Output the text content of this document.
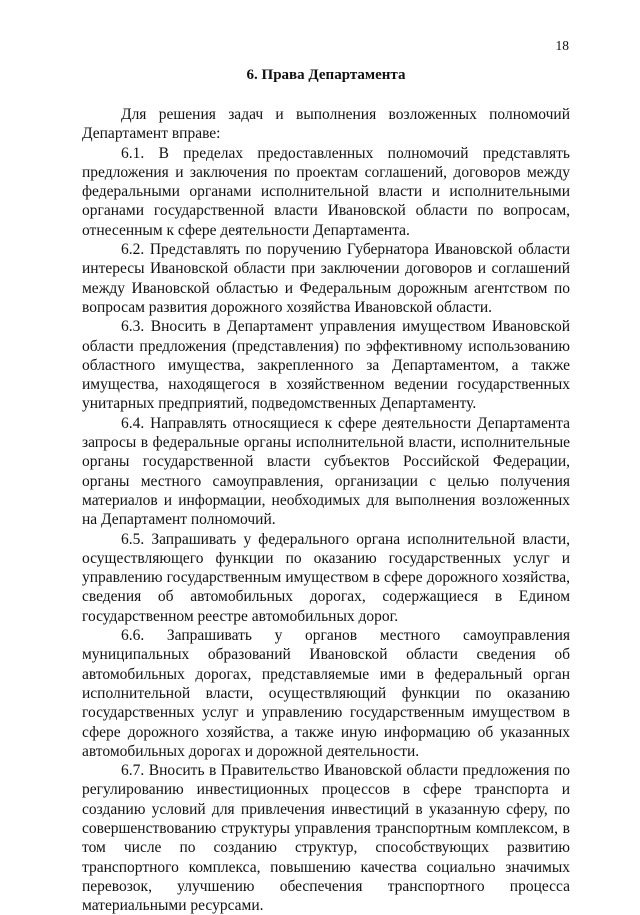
18
6. Права Департамента

Для решения задач и выполнения возложенных полномочий Департамент вправе:

6.1. В пределах предоставленных полномочий представлять предложения и заключения по проектам соглашений, договоров между федеральными органами исполнительной власти и исполнительными органами государственной власти Ивановской области по вопросам, отнесенным к сфере деятельности Департамента.

6.2. Представлять по поручению Губернатора Ивановской области интересы Ивановской области при заключении договоров и соглашений между Ивановской областью и Федеральным дорожным агентством по вопросам развития дорожного хозяйства Ивановской области.

6.3. Вносить в Департамент управления имуществом Ивановской области предложения (представления) по эффективному использованию областного имущества, закрепленного за Департаментом, а также имущества, находящегося в хозяйственном ведении государственных унитарных предприятий, подведомственных Департаменту.

6.4. Направлять относящиеся к сфере деятельности Департамента запросы в федеральные органы исполнительной власти, исполнительные органы государственной власти субъектов Российской Федерации, органы местного самоуправления, организации с целью получения материалов и информации, необходимых для выполнения возложенных на Департамент полномочий.

6.5. Запрашивать у федерального органа исполнительной власти, осуществляющего функции по оказанию государственных услуг и управлению государственным имуществом в сфере дорожного хозяйства, сведения об автомобильных дорогах, содержащиеся в Едином государственном реестре автомобильных дорог.

6.6. Запрашивать у органов местного самоуправления муниципальных образований Ивановской области сведения об автомобильных дорогах, представляемые ими в федеральный орган исполнительной власти, осуществляющий функции по оказанию государственных услуг и управлению государственным имуществом в сфере дорожного хозяйства, а также иную информацию об указанных автомобильных дорогах и дорожной деятельности.

6.7. Вносить в Правительство Ивановской области предложения по регулированию инвестиционных процессов в сфере транспорта и созданию условий для привлечения инвестиций в указанную сферу, по совершенствованию структуры управления транспортным комплексом, в том числе по созданию структур, способствующих развитию транспортного комплекса, повышению качества социально значимых перевозок, улучшению обеспечения транспортного процесса материальными ресурсами.
